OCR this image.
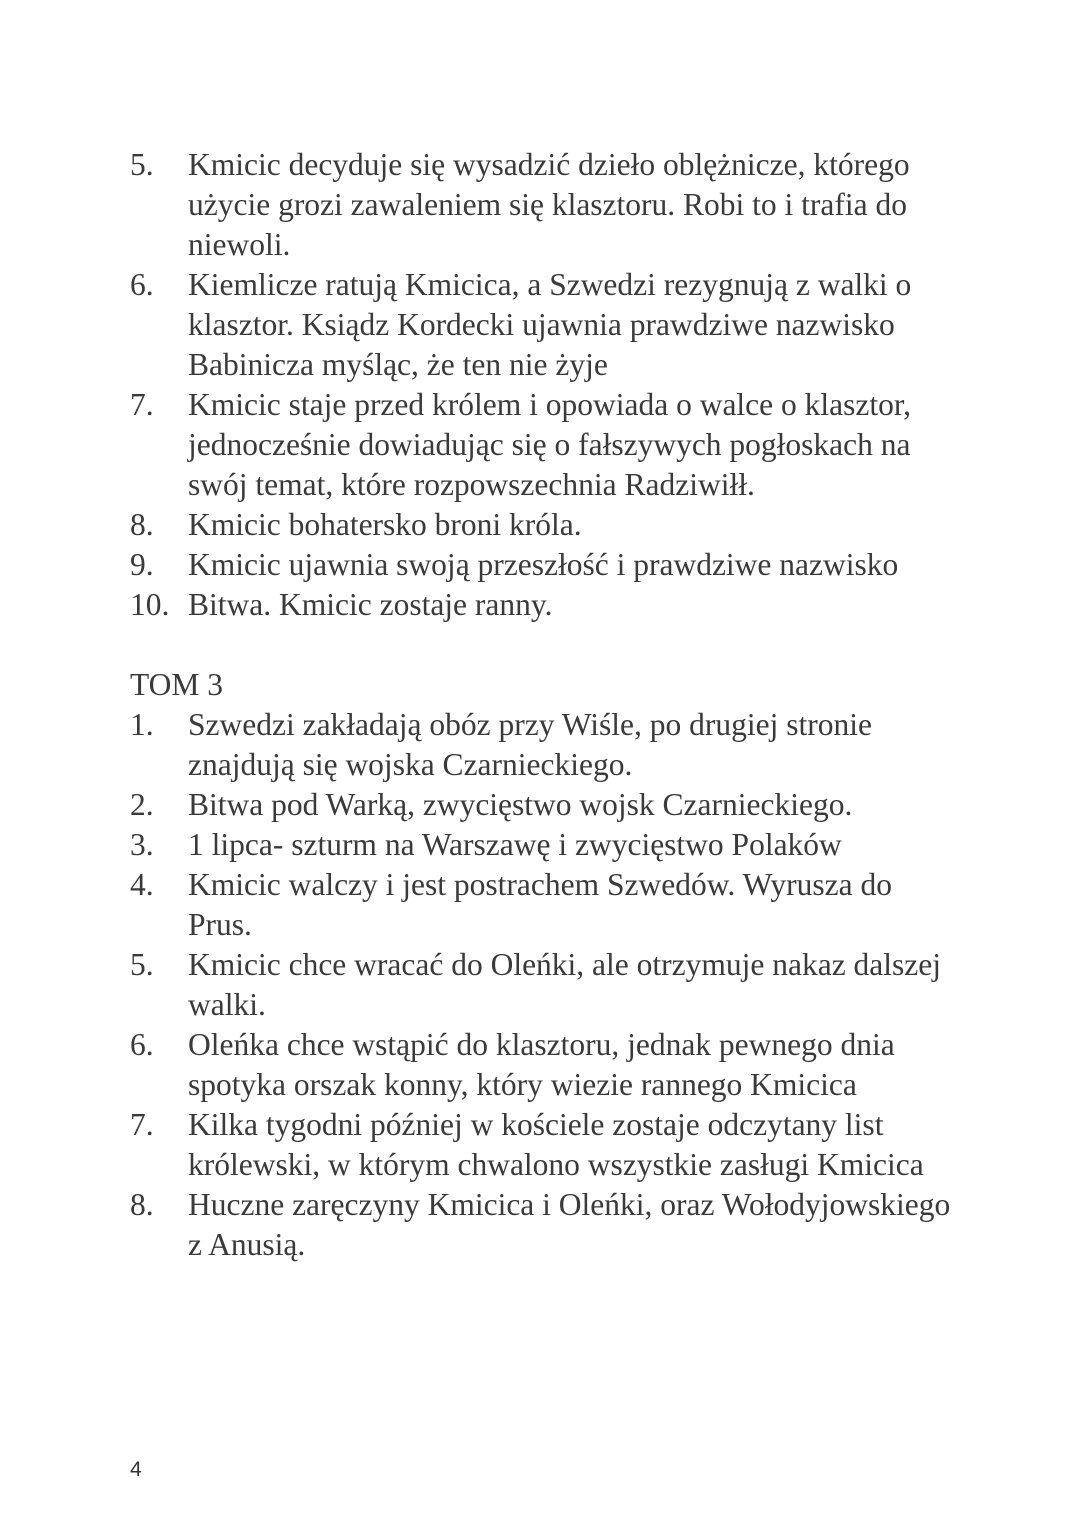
5. Kmicic decyduje się wysadzić dzieło oblężnicze, którego użycie grozi zawaleniem się klasztoru. Robi to i trafia do niewoli.
6. Kiemlicze ratują Kmicica, a Szwedzi rezygnują z walki o klasztor. Ksiądz Kordecki ujawnia prawdziwe nazwisko Babinicza myśląc, że ten nie żyje
7. Kmicic staje przed królem i opowiada o walce o klasztor, jednocześnie dowiadując się o fałszywych pogłoskach na swój temat, które rozpowszechnia Radziwiłł.
8. Kmicic bohatersko broni króla.
9. Kmicic ujawnia swoją przeszłość i prawdziwe nazwisko
10. Bitwa. Kmicic zostaje ranny.
TOM 3
1. Szwedzi zakładają obóz przy Wiśle, po drugiej stronie znajdują się wojska Czarnieckiego.
2. Bitwa pod Warką, zwycięstwo wojsk Czarnieckiego.
3. 1 lipca- szturm na Warszawę i zwycięstwo Polaków
4. Kmicic walczy i jest postrachem Szwedów. Wyrusza do Prus.
5. Kmicic chce wracać do Oleńki, ale otrzymuje nakaz dalszej walki.
6. Oleńka chce wstąpić do klasztoru, jednak pewnego dnia spotyka orszak konny, który wiezie rannego Kmicica
7. Kilka tygodni później w kościele zostaje odczytany list królewski, w którym chwalono wszystkie zasługi Kmicica
8. Huczne zaręczyny Kmicica i Oleńki, oraz Wołodyjowskiego z Anusią.
4
